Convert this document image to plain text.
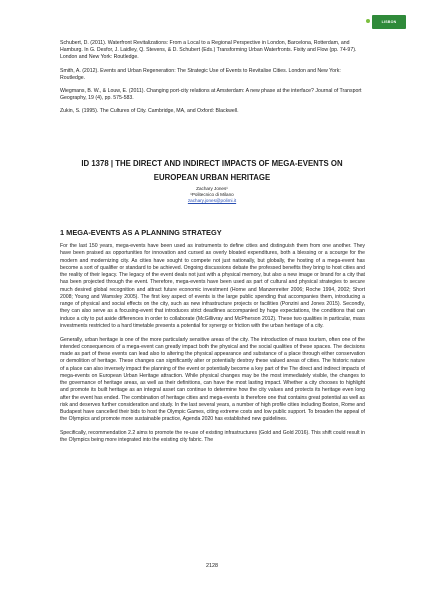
LISBON

Schubert, D. (2011). Waterfront Revitalizations: From a Local to a Regional Perspective in London, Barcelona, Rotterdam, and Hamburg. In G. Desfor, J. Laidley, Q. Stevens, & D. Schubert (Eds.) Transforming Urban Waterfronts. Fixity and Flow (pp. 74-97). London and New York: Routledge.

Smith, A. (2012). Events and Urban Regeneration: The Strategic Use of Events to Revitalise Cities. London and New York: Routledge.

Wiegmans, B. W., & Louw, E. (2011). Changing port-city relations at Amsterdam: A new phase at the interface? Journal of Transport Geography, 19 (4), pp. 575-583.

Zukin, S. (1995). The Cultures of City. Cambridge, MA, and Oxford: Blackwell.

ID 1378 | THE DIRECT AND INDIRECT IMPACTS OF MEGA-EVENTS ON
EUROPEAN URBAN HERITAGE
Zachary Jones¹
¹Politecnico di Milano
zachary.jones@polimi.it
1 MEGA-EVENTS AS A PLANNING STRATEGY

For the last 150 years, mega-events have been used as instruments to define cities and distinguish them from one another. They have been praised as opportunities for innovation and cursed as overly bloated expenditures, both a blessing or a scourge for the modern and modernizing city. As cities have sought to compete not just nationally, but globally, the hosting of a mega-event has become a sort of qualifier or standard to be achieved. Ongoing discussions debate the professed benefits they bring to host cities and the reality of their legacy. The legacy of the event deals not just with a physical memory, but also a new image or brand for a city that has been projected through the event. Therefore, mega-events have been used as part of cultural and physical strategies to secure much desired global recognition and attract future economic investment (Horne and Manzenreiter 2006; Roche 1994, 2002; Short 2008; Young and Wamsley 2005). The first key aspect of events is the large public spending that accompanies them, introducing a range of physical and social effects on the city, such as new infrastructure projects or facilities (Ponzini and Jones 2015). Secondly, they can also serve as a focusing-event that introduces strict deadlines accompanied by huge expectations, the conditions that can induce a city to put aside differences in order to collaborate (McGillivray and McPherson 2012). These two qualities in particular, mass investments restricted to a hard timetable presents a potential for synergy or friction with the urban heritage of a city.

Generally, urban heritage is one of the more particularly sensitive areas of the city. The introduction of mass tourism, often one of the intended consequences of a mega-event can greatly impact both the physical and the social qualities of these spaces. The decisions made as part of these events can lead also to altering the physical appearance and substance of a place through either conservation or demolition of heritage. These changes can significantly alter or potentially destroy these valued areas of cities. The historic nature of a place can also inversely impact the planning of the event or potentially become a key part of the The direct and indirect impacts of mega-events on European Urban Heritage attraction. While physical changes may be the most immediately visible, the changes to the governance of heritage areas, as well as their definitions, can have the most lasting impact. Whether a city chooses to highlight and promote its built heritage as an integral asset can continue to determine how the city values and protects its heritage even long after the event has ended. The combination of heritage cities and mega-events is therefore one that contains great potential as well as risk and deserves further consideration and study. In the last several years, a number of high profile cities including Boston, Rome and Budapest have cancelled their bids to host the Olympic Games, citing extreme costs and low public support. To broaden the appeal of the Olympics and promote more sustainable practice, Agenda 2020 has established new guidelines.

Specifically, recommendation 2.2 aims to promote the re-use of existing infrastructures (Gold and Gold 2016). This shift could result in the Olympics being more integrated into the existing city fabric. The

2128
